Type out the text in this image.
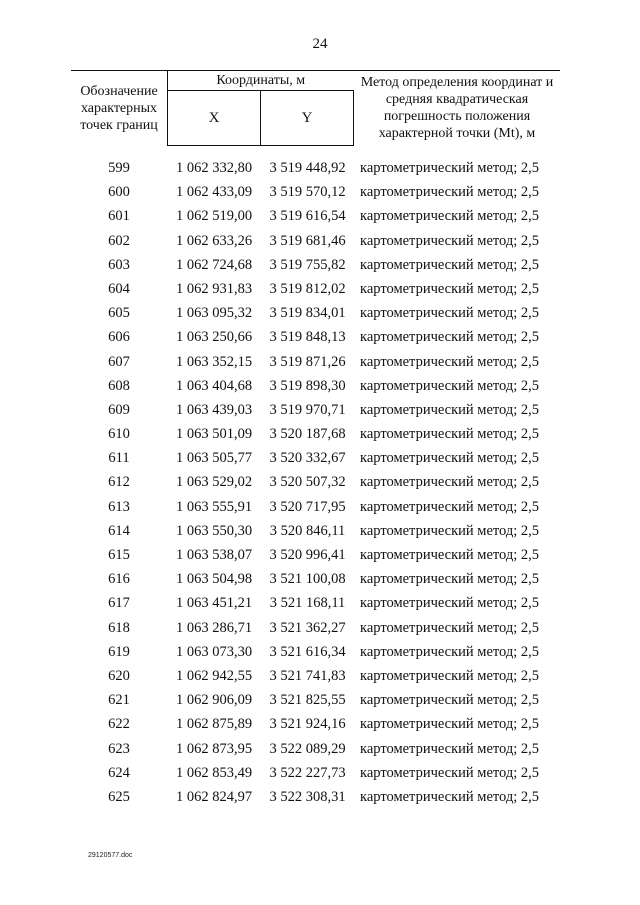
24
Обозначение характерных точек границ	Координаты, м		Метод определения координат и средняя квадратическая погрешность положения характерной точки (Mt), м
	X	Y	
599	1 062 332,80	3 519 448,92 картометрический метод; 2,5
600	1 062 433,09	3 519 570,12 картометрический метод; 2,5
601	1 062 519,00	3 519 616,54 картометрический метод; 2,5
602	1 062 633,26	3 519 681,46 картометрический метод; 2,5
603	1 062 724,68	3 519 755,82 картометрический метод; 2,5
604	1 062 931,83	3 519 812,02 картометрический метод; 2,5
605	1 063 095,32	3 519 834,01 картометрический метод; 2,5
606	1 063 250,66	3 519 848,13 картометрический метод; 2,5
607	1 063 352,15	3 519 871,26 картометрический метод; 2,5
608	1 063 404,68	3 519 898,30 картометрический метод; 2,5
609	1 063 439,03	3 519 970,71 картометрический метод; 2,5
610	1 063 501,09	3 520 187,68 картометрический метод; 2,5
611	1 063 505,77	3 520 332,67 картометрический метод; 2,5
612	1 063 529,02	3 520 507,32 картометрический метод; 2,5
613	1 063 555,91	3 520 717,95 картометрический метод; 2,5
614	1 063 550,30	3 520 846,11	картометрический метод; 2,5
615	1 063 538,07	3 520 996,41 картометрический метод; 2,5
616	1 063 504,98	3 521 100,08 картометрический метод; 2,5
617	1 063 451,21	3 521 168,11	картометрический метод; 2,5
618	1 063 286,71	3 521 362,27 картометрический метод; 2,5
619	1 063 073,30	3 521 616,34 картометрический метод; 2,5
620	1 062 942,55	3 521 741,83 картометрический метод; 2,5
621	1 062 906,09	3 521 825,55 картометрический метод; 2,5
622	1 062 875,89	3 521 924,16 картометрический метод; 2,5
623	1 062 873,95	3 522 089,29 картометрический метод; 2,5
624	1 062 853,49	3 522 227,73 картометрический метод; 2,5
625	1 062 824,97	3 522 308,31 картометрический метод; 2,5
29120577.doc
